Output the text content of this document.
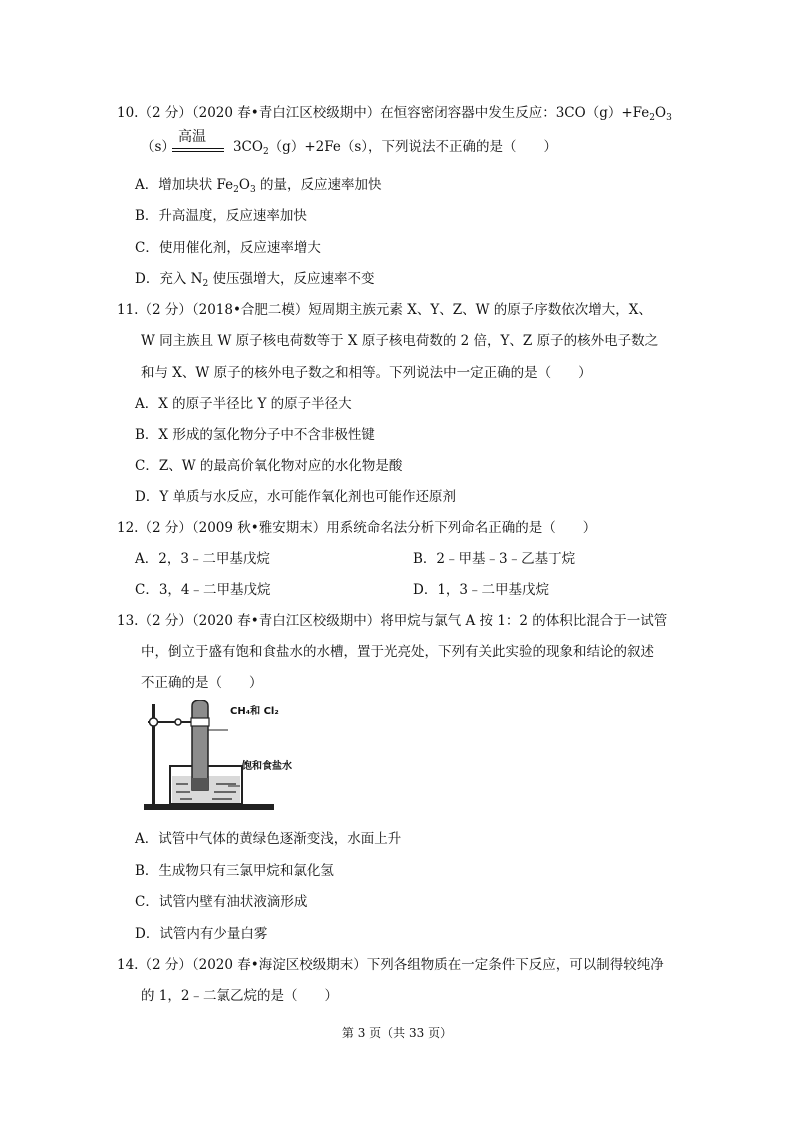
10.（2 分）（2020 春•青白江区校级期中）在恒容密闭容器中发生反应：$3CO(g)+Fe_2O_3$
（s）	$3CO_2(g)+2Fe(s)$，下列说法不正确的是（　　）
高温
A．增加块状 $Fe_2O_3$ 的量，反应速率加快
B．升高温度，反应速率加快
C．使用催化剂，反应速率增大
D．充入 $N_2$ 使压强增大，反应速率不变
11.（2 分）（2018•合肥二模）短周期主族元素 X、Y、Z、W 的原子序数依次增大，X、
W 同主族且 W 原子核电荷数等于 X 原子核电荷数的 2 倍，Y、Z 原子的核外电子数之
和与 X、W 原子的核外电子数之和相等。下列说法中一定正确的是（　　）
A．X 的原子半径比 Y 的原子半径大
B．X 形成的氢化物分子中不含非极性键
C．Z、W 的最高价氧化物对应的水化物是酸
D．Y 单质与水反应，水可能作氧化剂也可能作还原剂
12.（2 分）（2009 秋•雅安期末）用系统命名法分析下列命名正确的是（　　）
A．2，3﹣二甲基戊烷	B．2﹣甲基﹣3﹣乙基丁烷
C．3，4﹣二甲基戊烷	D．1，3﹣二甲基戊烷
13.（2 分）（2020 春•青白江区校级期中）将甲烷与氯气 A 按 1：2 的体积比混合于一试管
中，倒立于盛有饱和食盐水的水槽，置于光亮处，下列有关此实验的现象和结论的叙述
不正确的是（　　）
CH₄和 Cl₂
饱和食盐水
A．试管中气体的黄绿色逐渐变浅，水面上升
B．生成物只有三氯甲烷和氯化氢
C．试管内壁有油状液滴形成
D．试管内有少量白雾
14.（2 分）（2020 春•海淀区校级期末）下列各组物质在一定条件下反应，可以制得较纯净
的 1，2﹣二氯乙烷的是（　　）
第 3 页（共 33 页）
